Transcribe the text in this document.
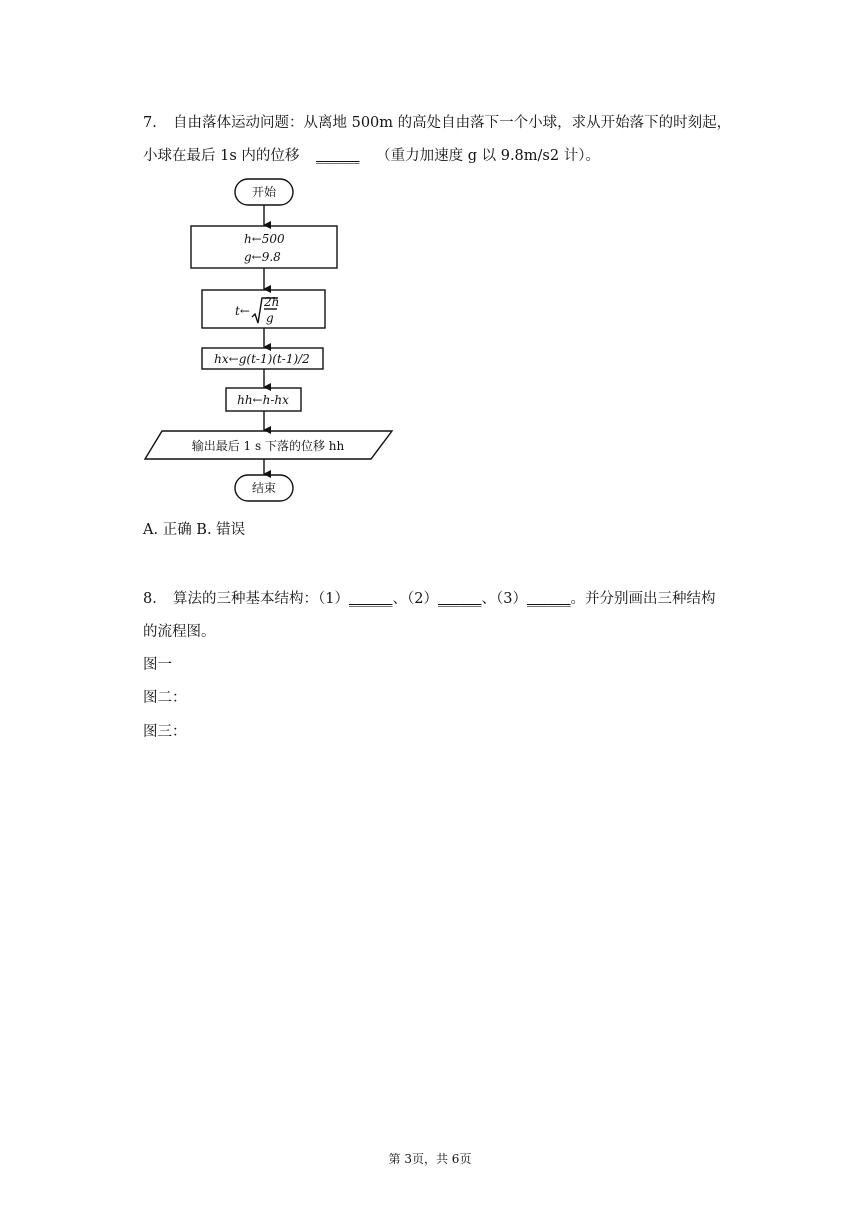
7. 自由落体运动问题：从离地 500m 的高处自由落下一个小球，求从开始落下的时刻起，
小球在最后 1s 内的位移 ______ （重力加速度 g 以 9.8m/s2 计）。
开始
h←500
g←9.8
t←
2h
g
hx←g(t-1)(t-1)/2
hh←h-hx
输出最后 1 s 下落的位移 hh
结束
A. 正确 B. 错误
8. 算法的三种基本结构：（1）______、（2）______、（3）______。并分别画出三种结构
的流程图。
图一
图二：
图三：
第 3页，共 6页
